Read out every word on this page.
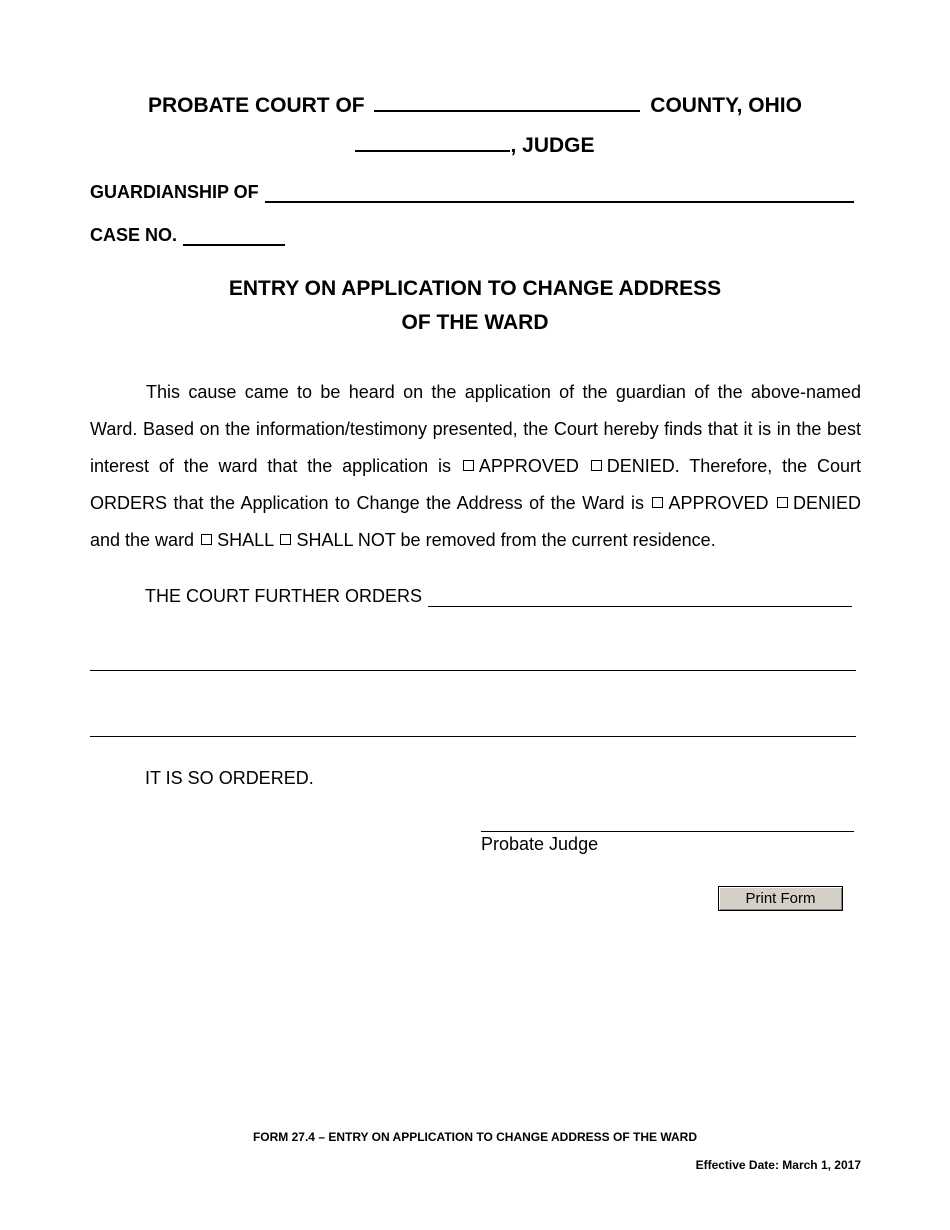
PROBATE COURT OF	COUNTY, OHIO
, JUDGE
GUARDIANSHIP OF
CASE NO.
ENTRY ON APPLICATION TO CHANGE ADDRESS
OF THE WARD

This cause came to be heard on the application of the guardian of the above-named Ward. Based on the information/testimony presented, the Court hereby finds that it is in the best interest of the ward that the application is APPROVED DENIED. Therefore, the Court ORDERS that the Application to Change the Address of the Ward is APPROVED DENIED and the ward SHALL SHALL NOT be removed from the current residence.

THE COURT FURTHER ORDERS
IT IS SO ORDERED.
Probate Judge
Print Form
FORM 27.4 – ENTRY ON APPLICATION TO CHANGE ADDRESS OF THE WARD
Effective Date: March 1, 2017
